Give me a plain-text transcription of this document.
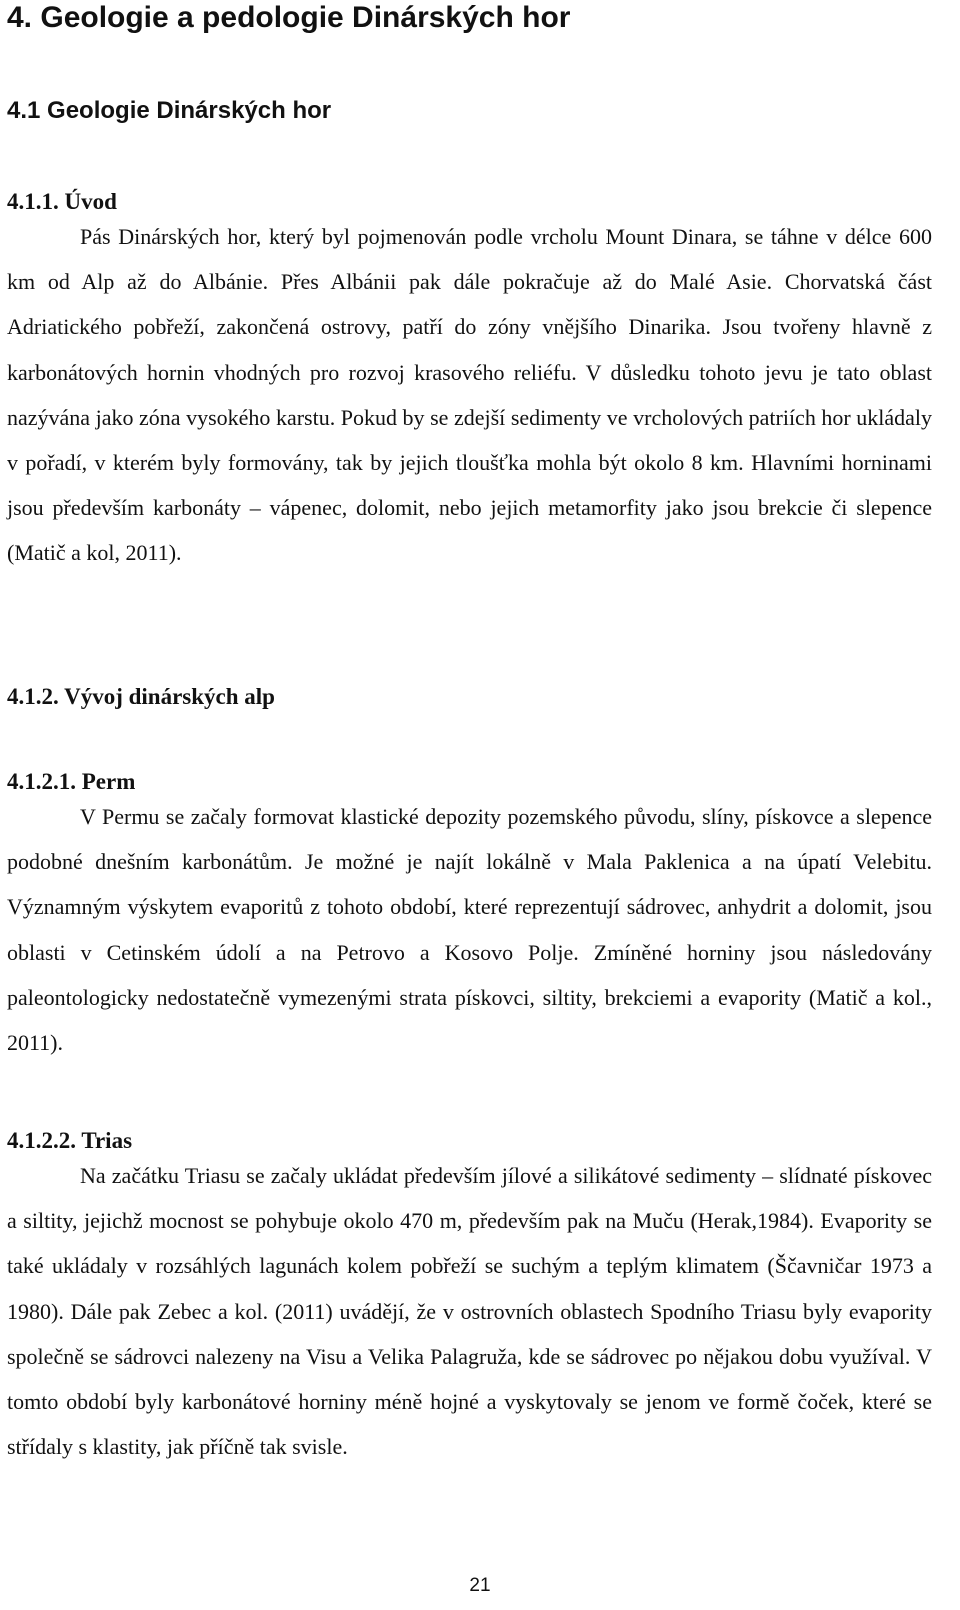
4. Geologie a pedologie Dinárských hor
4.1 Geologie Dinárských hor
4.1.1. Úvod

Pás Dinárských hor, který byl pojmenován podle vrcholu Mount Dinara, se táhne v délce 600 km od Alp až do Albánie. Přes Albánii pak dále pokračuje až do Malé Asie. Chorvatská část Adriatického pobřeží, zakončená ostrovy, patří do zóny vnějšího Dinarika. Jsou tvořeny hlavně z karbonátových hornin vhodných pro rozvoj krasového reliéfu. V důsledku tohoto jevu je tato oblast nazývána jako zóna vysokého karstu. Pokud by se zdejší sedimenty ve vrcholových patriích hor ukládaly v pořadí, v kterém byly formovány, tak by jejich tloušťka mohla být okolo 8 km. Hlavními horninami jsou především karbonáty – vápenec, dolomit, nebo jejich metamorfity jako jsou brekcie či slepence (Matič a kol, 2011).

4.1.2. Vývoj dinárských alp
4.1.2.1. Perm

V Permu se začaly formovat klastické depozity pozemského původu, slíny, pískovce a slepence podobné dnešním karbonátům. Je možné je najít lokálně v Mala Paklenica a na úpatí Velebitu. Významným výskytem evaporitů z tohoto období, které reprezentují sádrovec, anhydrit a dolomit, jsou oblasti v Cetinském údolí a na Petrovo a Kosovo Polje. Zmíněné horniny jsou následovány paleontologicky nedostatečně vymezenými strata pískovci, siltity, brekciemi a evapority (Matič a kol., 2011).

4.1.2.2. Trias

Na začátku Triasu se začaly ukládat především jílové a silikátové sedimenty – slídnaté pískovec a siltity, jejichž mocnost se pohybuje okolo 470 m, především pak na Muču (Herak,1984). Evapority se také ukládaly v rozsáhlých lagunách kolem pobřeží se suchým a teplým klimatem (Ščavničar 1973 a 1980). Dále pak Zebec a kol. (2011) uvádějí, že v ostrovních oblastech Spodního Triasu byly evapority společně se sádrovci nalezeny na Visu a Velika Palagruža, kde se sádrovec po nějakou dobu využíval. V tomto období byly karbonátové horniny méně hojné a vyskytovaly se jenom ve formě čoček, které se střídaly s klastity, jak příčně tak svisle.

21
